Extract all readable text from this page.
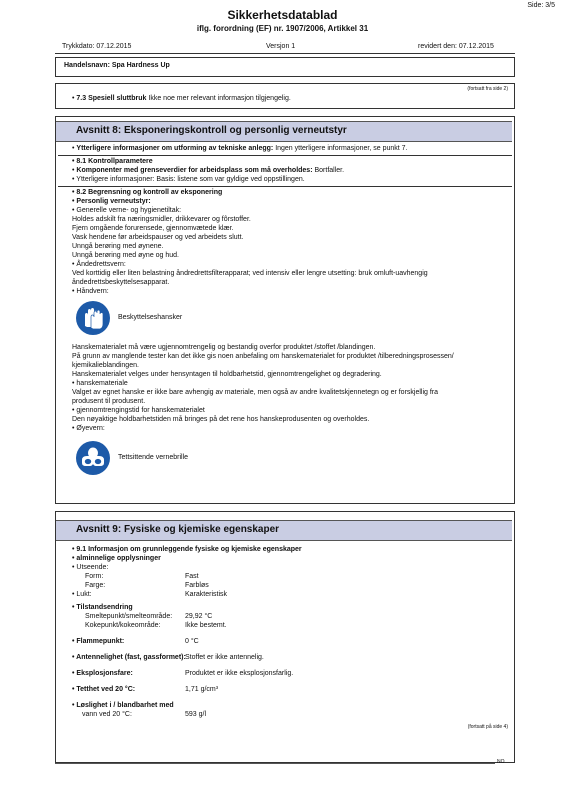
Side: 3/5
Sikkerhetsdatablad
iflg. forordning (EF) nr. 1907/2006, Artikkel 31
Trykkdato: 07.12.2015	Versjon 1	revidert den: 07.12.2015
Handelsnavn: Spa Hardness Up
(fortsatt fra side 2)
• 7.3 Spesiell sluttbruk Ikke noe mer relevant informasjon tilgjengelig.
Avsnitt 8: Eksponeringskontroll og personlig verneutstyr
• Ytterligere informasjoner om utforming av tekniske anlegg: Ingen ytterligere informasjoner, se punkt 7.
• 8.1 Kontrollparametere
• Komponenter med grenseverdier for arbeidsplass som må overholdes: Bortfaller.
• Ytterligere informasjoner: Basis: listene som var gyldige ved oppstillingen.
• 8.2 Begrensning og kontroll av eksponering
• Personlig verneutstyr:
• Generelle verne- og hygienetiltak:
Holdes adskilt fra næringsmidler, drikkevarer og fôrstoffer.
Fjern omgående forurensede, gjennomvætede klær.
Vask hendene før arbeidspauser og ved arbeidets slutt.
Unngå berøring med øynene.
Unngå berøring med øyne og hud.
• Åndedrettsvern:
Ved korttidig eller liten belastning åndredrettsfilterapparat; ved intensiv eller lengre utsetting: bruk omluft-uavhengig
åndedrettsbeskyttelsesapparat.
• Håndvern:
Beskyttelseshansker
Hanskematerialet må være ugjennomtrengelig og bestandig overfor produktet /stoffet /blandingen.
På grunn av manglende tester kan det ikke gis noen anbefaling om hanskematerialet for produktet /tilberedningsprosessen/
kjemikalieblandingen.
Hanskematerialet velges under hensyntagen til holdbarhetstid, gjennomtrengelighet og degradering.
• hanskemateriale
Valget av egnet hanske er ikke bare avhengig av materiale, men også av andre kvalitetskjennetegn og er forskjellig fra
produsent til produsent.
• gjennomtrengingstid for hanskematerialet
Den nøyaktige holdbarhetstiden må bringes på det rene hos hanskeprodusenten og overholdes.
• Øyevern:
Tettsittende vernebrille
Avsnitt 9: Fysiske og kjemiske egenskaper
• 9.1 Informasjon om grunnleggende fysiske og kjemiske egenskaper
• alminnelige opplysninger
• Utseende:
Form:	Fast
Farge:	Farbløs
• Lukt:	Karakteristisk
• Tilstandsendring
Smeltepunkt/smelteområde: 29,92 °C
Kokepunkt/kokeområde:	Ikke bestemt.
• Flammepunkt:	0 °C
• Antennelighet (fast, gassformet): Stoffet er ikke antennelig.
• Eksplosjonsfare:	Produktet er ikke eksplosjonsfarlig.
• Tetthet ved 20 °C:	1,71 g/cm³
• Løslighet i / blandbarhet med
vann ved 20 °C:	593 g/l
(fortsatt på side 4)
NO
